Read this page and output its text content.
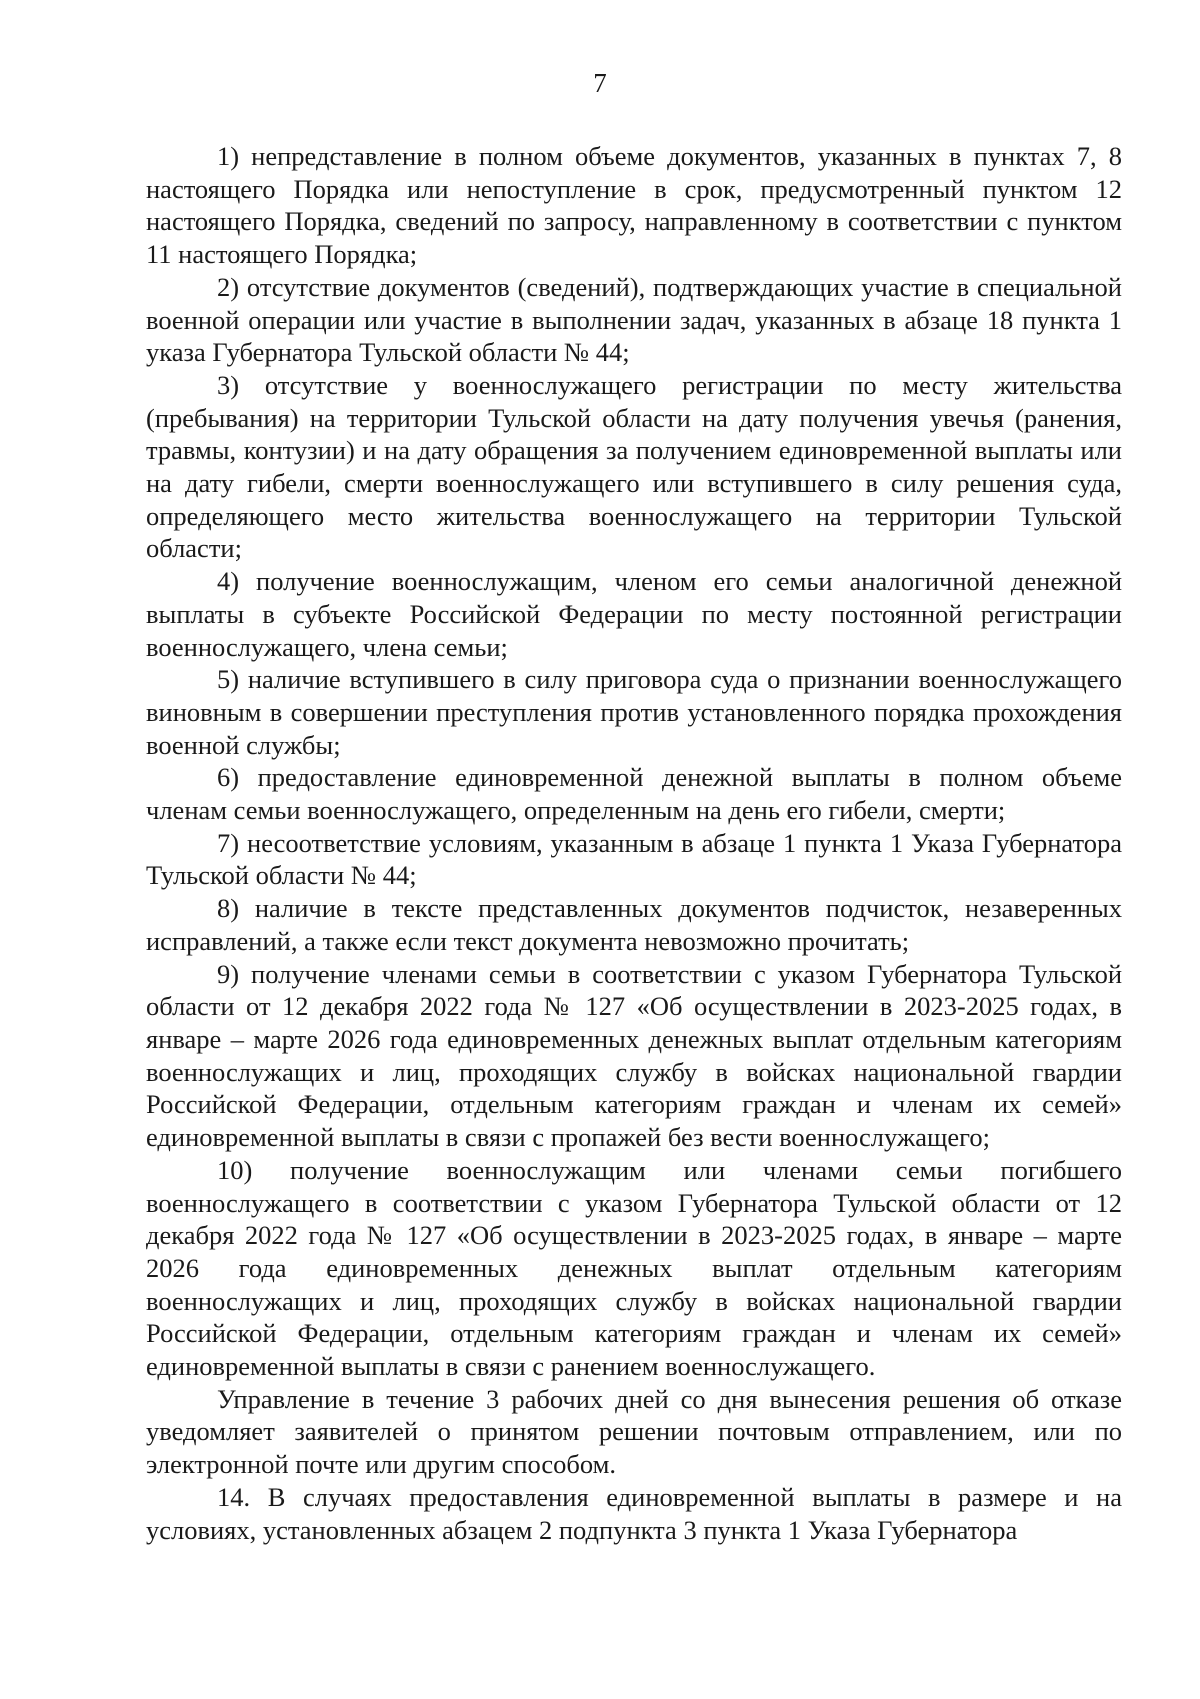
7

1) непредставление в полном объеме документов, указанных в пунктах 7, 8 настоящего Порядка или непоступление в срок, предусмотренный пунктом 12 настоящего Порядка, сведений по запросу, направленному в соответствии с пунктом 11 настоящего Порядка;

2) отсутствие документов (сведений), подтверждающих участие в специальной военной операции или участие в выполнении задач, указанных в абзаце 18 пункта 1 указа Губернатора Тульской области № 44;

3) отсутствие у военнослужащего регистрации по месту жительства (пребывания) на территории Тульской области на дату получения увечья (ранения, травмы, контузии) и на дату обращения за получением единовременной выплаты или на дату гибели, смерти военнослужащего или вступившего в силу решения суда, определяющего место жительства военнослужащего на территории Тульской области;

4) получение военнослужащим, членом его семьи аналогичной денежной выплаты в субъекте Российской Федерации по месту постоянной регистрации военнослужащего, члена семьи;

5) наличие вступившего в силу приговора суда о признании военнослужащего виновным в совершении преступления против установленного порядка прохождения военной службы;

6) предоставление единовременной денежной выплаты в полном объеме членам семьи военнослужащего, определенным на день его гибели, смерти;

7) несоответствие условиям, указанным в абзаце 1 пункта 1 Указа Губернатора Тульской области № 44;

8) наличие в тексте представленных документов подчисток, незаверенных исправлений, а также если текст документа невозможно прочитать;

9) получение членами семьи в соответствии с указом Губернатора Тульской области от 12 декабря 2022 года № 127 «Об осуществлении в 2023-2025 годах, в январе – марте 2026 года единовременных денежных выплат отдельным категориям военнослужащих и лиц, проходящих службу в войсках национальной гвардии Российской Федерации, отдельным категориям граждан и членам их семей» единовременной выплаты в связи с пропажей без вести военнослужащего;

10) получение военнослужащим или членами семьи погибшего военнослужащего в соответствии с указом Губернатора Тульской области от 12 декабря 2022 года № 127 «Об осуществлении в 2023-2025 годах, в январе – марте 2026 года единовременных денежных выплат отдельным категориям военнослужащих и лиц, проходящих службу в войсках национальной гвардии Российской Федерации, отдельным категориям граждан и членам их семей» единовременной выплаты в связи с ранением военнослужащего.

Управление в течение 3 рабочих дней со дня вынесения решения об отказе уведомляет заявителей о принятом решении почтовым отправлением, или по электронной почте или другим способом.

14. В случаях предоставления единовременной выплаты в размере и на условиях, установленных абзацем 2 подпункта 3 пункта 1 Указа Губернатора
